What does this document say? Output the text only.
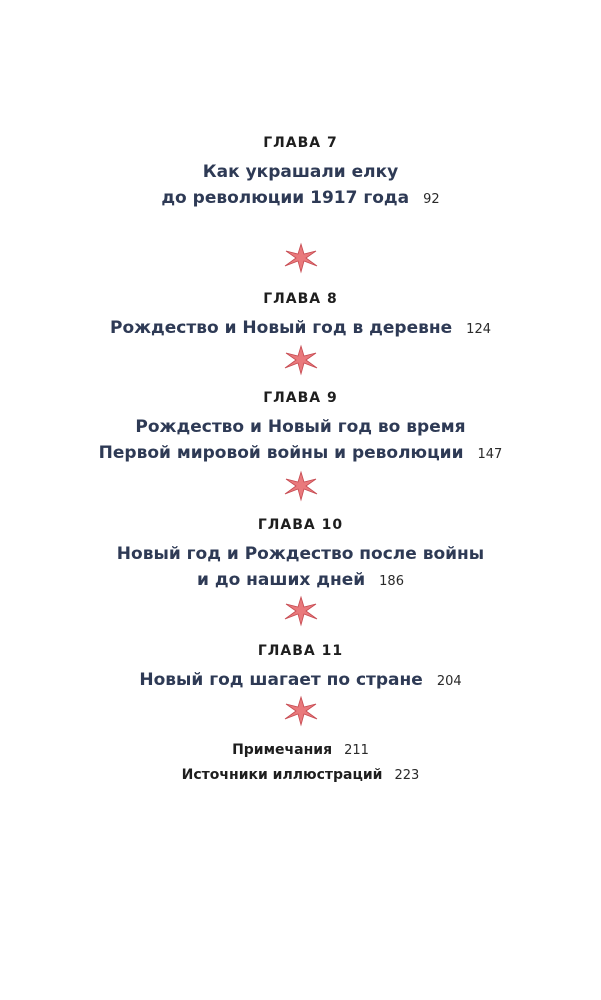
ГЛАВА 7
Как украшали елку
до революции 1917 года 92
ГЛАВА 8
Рождество и Новый год в деревне 124
ГЛАВА 9
Рождество и Новый год во время
Первой мировой войны и революции 147
ГЛАВА 10
Новый год и Рождество после войны
и до наших дней 186
ГЛАВА 11
Новый год шагает по стране 204
Примечания 211
Источники иллюстраций 223
